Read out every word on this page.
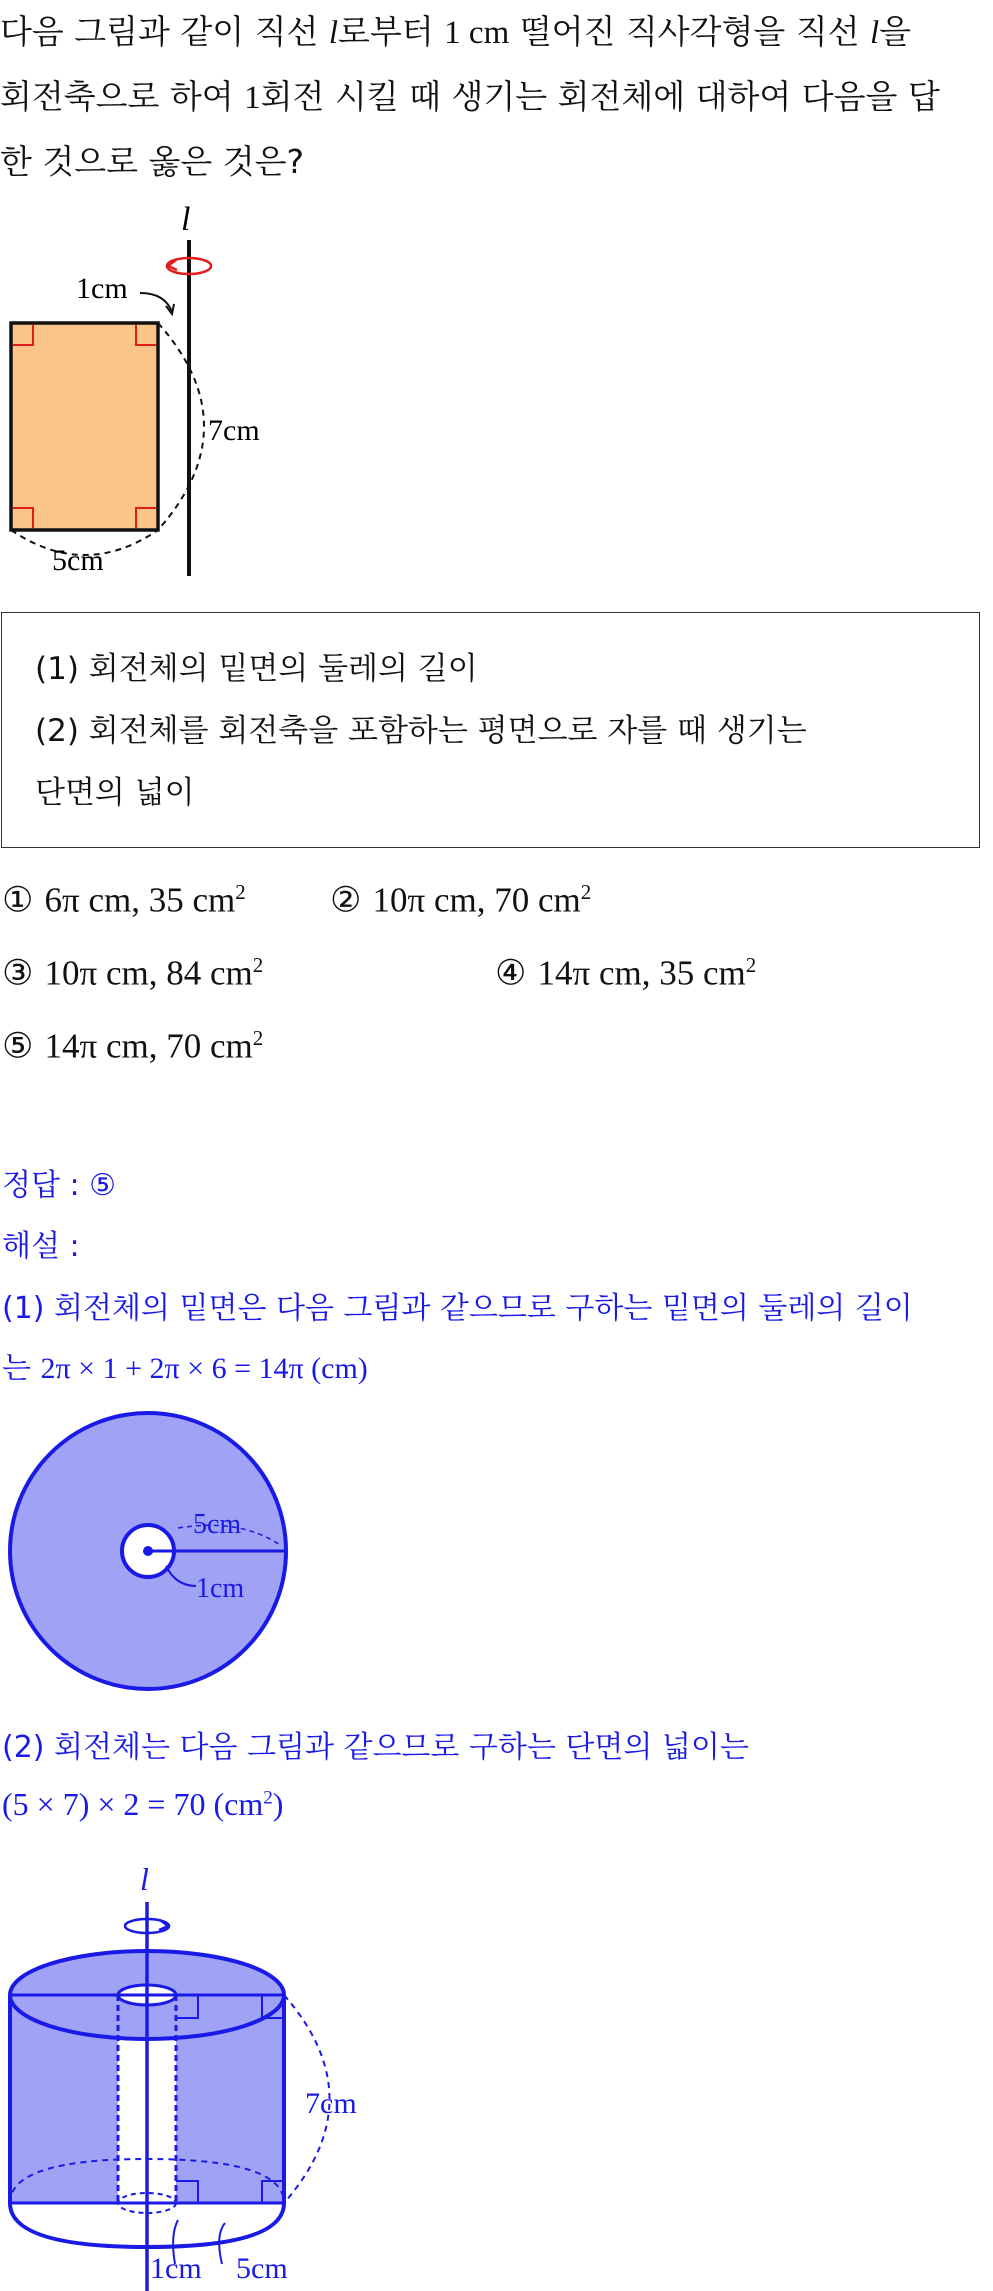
다음 그림과 같이 직선 l로부터 1 cm 떨어진 직사각형을 직선 l을
회전축으로 하여 1회전 시킬 때 생기는 회전체에 대하여 다음을 답
한 것으로 옳은 것은?
l
1cm
7cm
5cm
(1) 회전체의 밑면의 둘레의 길이
(2) 회전체를 회전축을 포함하는 평면으로 자를 때 생기는
단면의 넓이
① 6π cm, 35 $cm^2$ ② 10π cm, 70 $cm^2$
③ 10π cm, 84 $cm^2$	④ 14π cm, 35 $cm^2$
⑤ 14π cm, 70 $cm^2$
정답 : ⑤
해설 :
(1) 회전체의 밑면은 다음 그림과 같으므로 구하는 밑면의 둘레의 길이
는 2π × 1 + 2π × 6 = 14π (cm)
5cm
1cm
(2) 회전체는 다음 그림과 같으므로 구하는 단면의 넓이는
(5 × 7) × 2 = 70 $(cm^2)$
l
7cm
1cm 5cm
